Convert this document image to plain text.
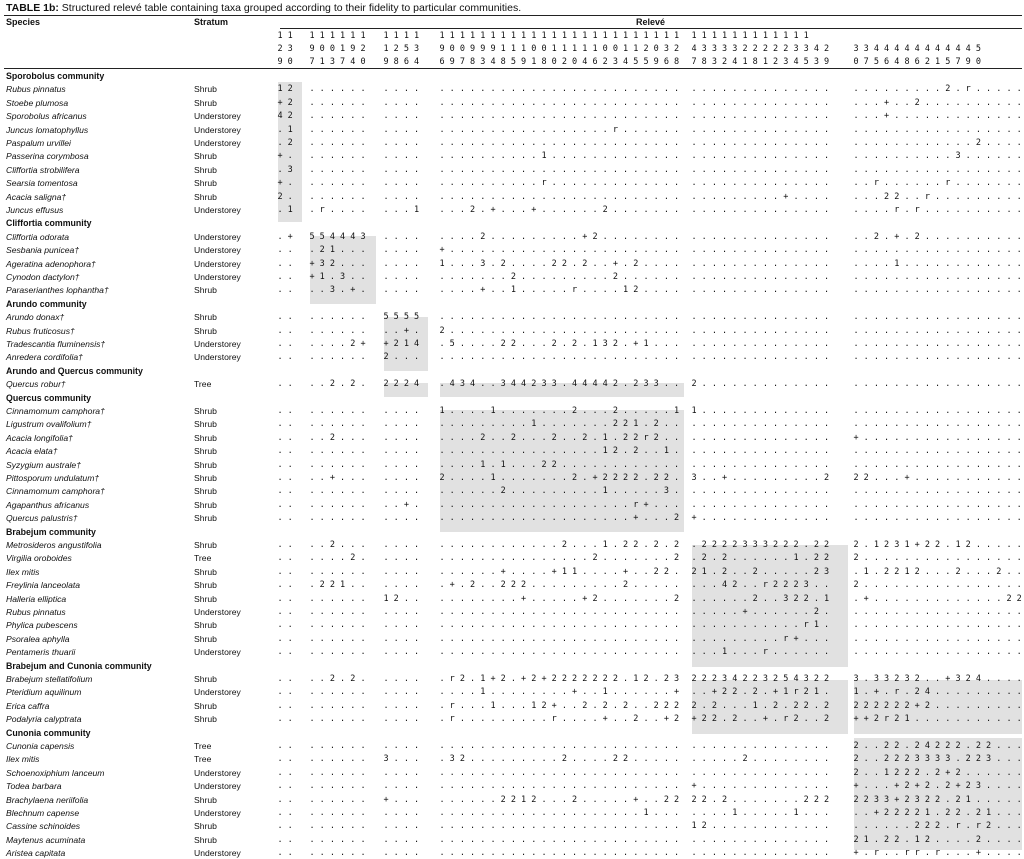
TABLE 1b: Structured relevé table containing taxa grouped according to their fidelity to particular communities.
Species	Stratum	Relevé
1 1 1 1 1 1 1 1 1 1 1 1 1 1 1 1 1 1 1 1 1 1 1 1 1 1 1 1 1 1 1 1 1 1 1 1 1 1 1 1 1 1 1 1 1 1 1 1
2 3 9 0 0 1 9 2 1 2 5 3 9 0 0 9 9 9 1 1 1 0 0 1 1 1 1 1 0 0 1 1 2 0 3 2 4 3 3 3 3 2 2 2 2 2 3 3 4 2	3 3 4 4 4 4 4 4 4 4 4 4 5
9 0 7 1 3 7 4 0 9 8 6 4 6 9 7 8 3 4 8 5 9 1 8 0 2 0 4 6 2 3 4 5 5 9 6 8 7 8 3 2 4 1 8 1 2 3 4 5 3 9	0 7 5 6 4 8 6 2 1 5 7 9 0
Sporobolus community
Rubus pinnatus	Shrub	1 2 . . . . . . . . . . . . . . . . . . . . . . . . . . . . . . . . . . . . . . . . . . . . . . . .	. . . . . . . . . 2 . r . . . . .
Stoebe plumosa	Shrub	+ 2 . . . . . . . . . . . . . . . . . . . . . . . . . . . . . . . . . . . . . . . . . . . . . . . .	. . . + . . 2 . . . . . . . . . .
Sporobolus africanus	Understorey	4 2 . . . . . . . . . . . . . . . . . . . . . . . . . . . . . . . . . . . . . . . . . . . . . . . .	. . . + . . . . . . . . . . . . .
Juncus lomatophyllus	Understorey	. 1 . . . . . . . . . . . . . . . . . . . . . . . . . . . r . . . . . . . . . . . . . . . . . . . .	. . . . . . . . . . . . . . . . .
Paspalum urvillei	Understorey	. 2 . . . . . . . . . . . . . . . . . . . . . . . . . . . . . . . . . . . . . . . . . . . . . . . .	. . . . . . . . . . . . 2 . . . .
Passerina corymbosa	Shrub	+ . . . . . . . . . . . . . . . . . . . . . 1 . . . . . . . . . . . . . . . . . . . . . . . . . . .	. . . . . . . . . . 3 . . . . . .
Cliffortia strobilifera	Shrub	. 3 . . . . . . . . . . . . . . . . . . . . . . . . . . . . . . . . . . . . . . . . . . . . . . . .	. . . . . . . . . . . . . . . . .
Searsia tomentosa	Shrub	+ . . . . . . . . . . . . . . . . . . . . . r . . . . . . . . . . . . . . . . . . . . . . . . . . .	. . r . . . . . . r . . . . . . .
Acacia saligna†	Shrub	2 . . . . . . . . . . . . . . . . . . . . . . . . . . . . . . . . . . . . . . . . . . . . + . . . .	. . . 2 2 . . r . . . . . . . . .
Juncus effusus	Understorey	. 1 . r . . . . . . . 1 . . . 2 . + . . . + . . . . . . 2 . . . . . . . . . . . . . . . . . . . . .	. . . . r . r . . . . . . . . . .
Cliffortia community
Cliffortia odorata	Understorey	. + 5 5 4 4 4 3 . . . . . . . . 2 . . . . . . . . . + 2 . . . . . . . . . . . . . . . . . . . . . .	. . 2 . + . 2 . . . . . . . . . .
Sesbania punicea†	Understorey	. . . 2 1 . . . . . . . + . . . . . . . . . . . . . . . . . . . . . . . . . . . . . . . . . . . . .	. . . . . . . . . . . . . . . . .
Ageratina adenophora†	Understorey	. . + 3 2 . . . . . . . 1 . . . 3 . 2 . . . . 2 2 . 2 . . + . 2 . . . . . . . . . . . . . . . . . .	. . . . 1 . . . . . . . . . . . .
Cynodon dactylon†	Understorey	. . + 1 . 3 . . . . . . . . . . . . . 2 . . . . . . . . . 2 . . . . . . . . . . . . . . . . . . . .	. . . . . . . . . . . . . . . . .
Paraserianthes lophantha†	Shrub	. . . . 3 . + . . . . . . . . . + . . 1 . . . . . r . . . . 1 2 . . . . . . . . . . . . . . . . . .	. . . . . . . . . . . . . . . . .
Arundo community
Arundo donax†	Shrub	. . . . . . . . 5 5 5 5 . . . . . . . . . . . . . . . . . . . . . . . . . . . . . . . . . . . . . .	. . . . . . . . . . . . . . . . .
Rubus fruticosus†	Shrub	. . . . . . . . . . + . 2 . . . . . . . . . . . . . . . . . . . . . . . . . . . . . . . . . . . . .	. . . . . . . . . . . . . . . . .
Tradescantia fluminensis†	Understorey	. . . . . . 2 + + 2 1 4 . 5 . . . . 2 2 . . . 2 . 2 . 1 3 2 . + 1 . . . . . . . . . . . . . . . . .	. . . . . . . . . . . . . . . . .
Anredera cordifolia†	Understorey	. . . . . . . . 2 . . . . . . . . . . . . . . . . . . . . . . . . . . . . . . . . . . . . . . . . .	. . . . . . . . . . . . . . . . .
Arundo and Quercus community
Quercus robur†	Tree	. . . . 2 . 2 . 2 2 2 4 . 4 3 4 . . 3 4 4 2 3 3 . 4 4 4 4 2 . 2 3 3 . . 2 . . . . . . . . . . . . .	. . . . . . . . . . . . . . . . .
Quercus community
Cinnamomum camphora†	Shrub	. . . . . . . . . . . . 1 . . . . 1 . . . . . . . 2 . . . 2 . . . . . 1 1 . . . . . . . . . . . . .	. . . . . . . . . . . . . . . . .
Ligustrum ovalifolium†	Shrub	. . . . . . . . . . . . . . . . . . . . . 1 . . . . . . . 2 2 1 . 2 . . . . . . . . . . . . . . . .	. . . . . . . . . . . . . . . . .
Acacia longifolia†	Shrub	. . . . 2 . . . . . . . . . . . 2 . . 2 . . . 2 . . 2 . 1 . 2 2 r 2 . . . . . . . . . . . . . . . .	+ . . . . . . . . . . . . . . . .
Acacia elata†	Shrub	. . . . . . . . . . . . . . . . . . . . . . . . . . . . 1 2 . 2 . . 1 . . . . . . . . . . . . . . .	. . . . . . . . . . . . . . . . .
Syzygium australe†	Shrub	. . . . . . . . . . . . . . . . 1 . 1 . . . 2 2 . . . . . . . . . . . . . . . . . . . . . . . . . .	. . . . . . . . . . . . . . . . .
Pittosporum undulatum†	Shrub	. . . . + . . . . . . . 2 . . . . 1 . . . . . . . 2 . + 2 2 2 2 . 2 2 . 3 . . + . . . . . . . . . 2	2 2 . . . + . . . . . . . . . . .
Cinnamomum camphora†	Shrub	. . . . . . . . . . . . . . . . . . 2 . . . . . . . . . 1 . . . . . 3 . . . . . . . . . . . . . . .	. . . . . . . . . . . . . . . . .
Agapanthus africanus	Shrub	. . . . . . . . . . + . . . . . . . . . . . . . . . . . . . . r + . . . . . . . . . . . . . . . . .	. . . . . . . . . . . . . . . . .
Quercus palustris†	Shrub	. . . . . . . . . . . . . . . . . . . . . . . . . . . . . . . + . . . 2 + . . . . . . . . . . . . .	. . . . . . . . . . . . . . . . .
Brabejum community
Metrosideros angustifolia	Shrub	. . . . 2 . . . . . . . . . . . . . . . . . . . 2 . . . 1 . 2 2 . 2 . 2 . 2 2 2 2 3 3 3 2 2 2 . 2 2	2 . 1 2 3 1 + 2 2 . 1 2 . . . . .
Virgilia oroboides	Tree	. . . . . . 2 . . . . . . . . . . . . . . . . . . . . 2 . . . . . . . 2 . 2 . 2 . . . . . . 1 . 2 2	2 . . . . . . . . . . . . . . . .
Ilex mitis	Shrub	. . . . . . . . . . . . . . . . . . + . . . . + 1 1 . . . . + . . 2 2 . 2 1 . 2 . . 2 . . . . . 2 3	. 1 . 2 2 1 2 . . . 2 . . . 2 . .
Freylinia lanceolata	Shrub	. . . 2 2 1 . . . . . . . + . 2 . . 2 2 2 . . . . . . . . . 2 . . . . . . . . 4 2 . . r 2 2 2 3 . .	2 . . . . . . . . . . . . . . . .
Halleria elliptica	Shrub	. . . . . . . . 1 2 . . . . . . . . . . + . . . . . + 2 . . . . . . . 2 . . . . . . 2 . . 3 2 2 . 1	. + . . . . . . . . . . . . . 2 2
Rubus pinnatus	Understorey	. . . . . . . . . . . . . . . . . . . . . . . . . . . . . . . . . . . . . . . . . + . . . . . . 2 .	. . . . . . . . . . . . . . . . .
Phylica pubescens	Shrub	. . . . . . . . . . . . . . . . . . . . . . . . . . . . . . . . . . . . . . . . . . . . . . . r 1 .	. . . . . . . . . . . . . . . . .
Psoralea aphylla	Shrub	. . . . . . . . . . . . . . . . . . . . . . . . . . . . . . . . . . . . . . . . . . . . . r + . . .	. . . . . . . . . . . . . . . . .
Pentameris thuarii	Understorey	. . . . . . . . . . . . . . . . . . . . . . . . . . . . . . . . . . . . . . . 1 . . . r . . . . . .	. . . . . . . . . . . . . . . . .
Brabejum and Cunonia community
Brabejum stellatifolium	Shrub	. . . . 2 . 2 . . . . . . r 2 . 1 + 2 . + 2 + 2 2 2 2 2 2 2 . 1 2 . 2 3 2 2 2 3 4 2 2 3 2 5 4 3 2 2	3 . 3 3 2 3 2 . . + 3 2 4 . . . .
Pteridium aquilinum	Understorey	. . . . . . . . . . . . . . . . 1 . . . . . . . . + . . 1 . . . . . . + . . + 2 2 . 2 . + 1 r 2 1 .	1 . + . r . 2 4 . . . . . . . . .
Erica caffra	Shrub	. . . . . . . . . . . . . r . . . 1 . . . 1 2 + . . 2 . 2 . 2 . . 2 2 2 2 . 2 . . . 1 . 2 . 2 2 . 2	2 2 2 2 2 2 + 2 . . . . . . . . .
Podalyria calyptrata	Shrub	. . . . . . . . . . . . . r . . . . . . . . . r . . . . + . . 2 . . + 2 + 2 2 . 2 . . + . r 2 . . 2	+ + 2 r 2 1 . . . . . . . . . . .
Cunonia community
Cunonia capensis	Tree	. . . . . . . . . . . . . . . . . . . . . . . . . . . . . . . . . . . . . . . . . . . . . . . . . .	2 . . 2 2 . 2 4 2 2 2 . 2 2 . . .
Ilex mitis	Tree	. . . . . . . . 3 . . . . 3 2 . . . . . . . . . 2 . . . . 2 2 . . . . . . . . . . 2 . . . . . . . .	2 . . 2 2 2 3 3 3 3 . 2 2 3 . . .
Schoenoxiphium lanceum	Understorey	. . . . . . . . . . . . . . . . . . . . . . . . . . . . . . . . . . . . . . . . . . . . . . . . . .	2 . . 1 2 2 2 . 2 + 2 . . . . . .
Todea barbara	Understorey	. . . . . . . . . . . . . . . . . . . . . . . . . . . . . . . . . . . . + . . . . . . . . . . . . .	+ . . . + 2 + 2 . 2 + 2 3 . . . .
Brachylaena neriifolia	Shrub	. . . . . . . . + . . . . . . . . . 2 2 1 2 . . . 2 . . . . . + . . 2 2 2 2 . 2 . . . . . . . 2 2 2	2 2 3 3 + 2 3 2 2 . 2 1 . . . . .
Blechnum capense	Understorey	. . . . . . . . . . . . . . . . . . . . . . . . . . . . . . . . 1 . . . . . . . 1 . . . . . 1 . . .	. . + 2 2 2 2 1 . 2 2 . 2 1 . . .
Cassine schinoides	Shrub	. . . . . . . . . . . . . . . . . . . . . . . . . . . . . . . . . . . . 1 2 . . . . . . . . . . . .	. . . . . . 2 2 2 . r . r 2 . . .
Maytenus acuminata	Shrub	. . . . . . . . . . . . . . . . . . . . . . . . . . . . . . . . . . . . . . . . . . . . . . . . . .	2 1 . 2 2 . 1 2 . . . . 2 . . . .
Aristea capitata	Understorey	. . . . . . . . . . . . . . . . . . . . . . . . . . . . . . . . . . . . . . . . . . . . . . . . . .	+ . r . . r r . r . . . + . . . .
